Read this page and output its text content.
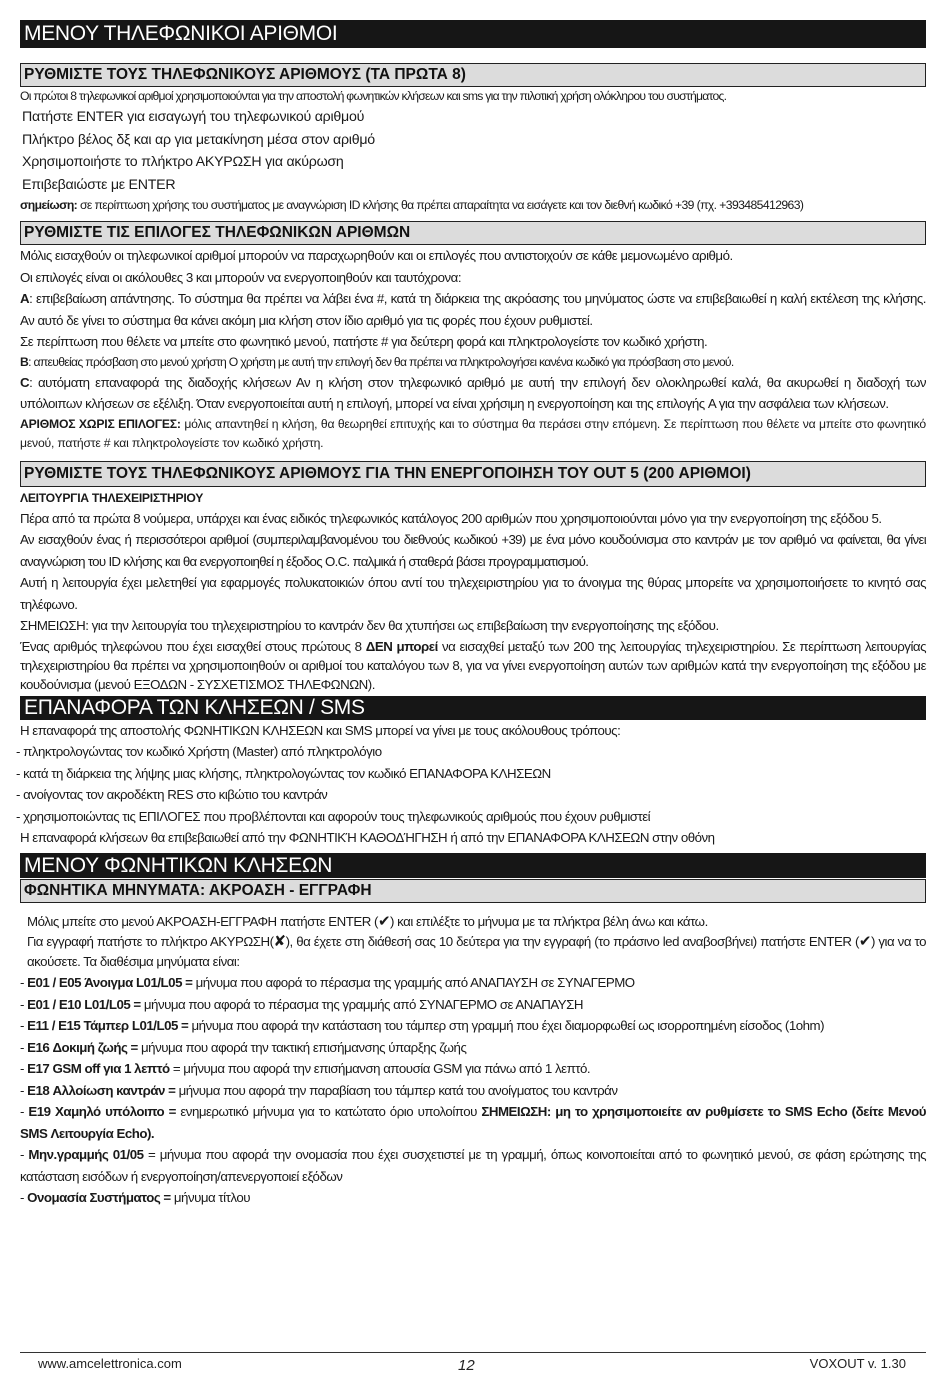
ΜΕΝΟΥ ΤΗΛΕΦΩΝΙΚΟΙ ΑΡΙΘΜΟΙ
ΡΥΘΜΙΣΤΕ ΤΟΥΣ ΤΗΛΕΦΩΝΙΚΟΥΣ ΑΡΙΘΜΟΥΣ (ΤΑ ΠΡΩΤΑ 8)

Οι πρώτοι 8 τηλεφωνικοί αριθμοί χρησιμοποιούνται για την αποστολή φωνητικών κλήσεων και sms για την πιλοτική χρήση ολόκληρου του συστήματος.

Πατήστε ENTER για εισαγωγή του τηλεφωνικού αριθμού

Πλήκτρο βέλος δξ και αρ για μετακίνηση μέσα στον αριθμό

Χρησιμοποιήστε το πλήκτρο ΑΚΥΡΩΣΗ για ακύρωση

Επιβεβαιώστε με ENTER

σημείωση: σε περίπτωση χρήσης του συστήματος με αναγνώριση ID κλήσης θα πρέπει απαραίτητα να εισάγετε και τον διεθνή κωδικό +39 (πχ. +393485412963)

ΡΥΘΜΙΣΤΕ ΤΙΣ ΕΠΙΛΟΓΕΣ ΤΗΛΕΦΩΝΙΚΩΝ ΑΡΙΘΜΩΝ

Μόλις εισαχθούν οι τηλεφωνικοί αριθμοί μπορούν να παραχωρηθούν και οι επιλογές που αντιστοιχούν σε κάθε μεμονωμένο αριθμό.

Οι επιλογές είναι οι ακόλουθες 3 και μπορούν να ενεργοποιηθούν και ταυτόχρονα:

A: επιβεβαίωση απάντησης. Το σύστημα θα πρέπει να λάβει ένα #, κατά τη διάρκεια της ακρόασης του μηνύματος ώστε να επιβεβαιωθεί η καλή εκτέλεση της κλήσης. Αν αυτό δε γίνει το σύστημα θα κάνει ακόμη μια κλήση στον ίδιο αριθμό για τις φορές που έχουν ρυθμιστεί.

Σε περίπτωση που θέλετε να μπείτε στο φωνητικό μενού, πατήστε # για δεύτερη φορά και πληκτρολογείστε τον κωδικό χρήστη.

B: απευθείας πρόσβαση στο μενού χρήστη Ο χρήστη με αυτή την επιλογή δεν θα πρέπει να πληκτρολογήσει κανένα κωδικό για πρόσβαση στο μενού.

C: αυτόματη επαναφορά της διαδοχής κλήσεων Αν η κλήση στον τηλεφωνικό αριθμό με αυτή την επιλογή δεν ολοκληρωθεί καλά, θα ακυρωθεί η διαδοχή των υπόλοιπων κλήσεων σε εξέλιξη. Όταν ενεργοποιείται αυτή η επιλογή, μπορεί να είναι χρήσιμη η ενεργοποίηση και της επιλογής A για την ασφάλεια των κλήσεων.

ΑΡΙΘΜΟΣ ΧΩΡΙΣ ΕΠΙΛΟΓΕΣ: μόλις απαντηθεί η κλήση, θα θεωρηθεί επιτυχής και το σύστημα θα περάσει στην επόμενη. Σε περίπτωση που θέλετε να μπείτε στο φωνητικό μενού, πατήστε # και πληκτρολογείστε τον κωδικό χρήστη.

ΡΥΘΜΙΣΤΕ ΤΟΥΣ ΤΗΛΕΦΩΝΙΚΟΥΣ ΑΡΙΘΜΟΥΣ ΓΙΑ ΤΗΝ ΕΝΕΡΓΟΠΟΙΗΣΗ ΤΟΥ OUT 5 (200 ΑΡΙΘΜΟΙ)

ΛΕΙΤΟΥΡΓΙΑ ΤΗΛΕΧΕΙΡΙΣΤΗΡΙΟΥ

Πέρα από τα πρώτα 8 νούμερα, υπάρχει και ένας ειδικός τηλεφωνικός κατάλογος 200 αριθμών που χρησιμοποιούνται μόνο για την ενεργοποίηση της εξόδου 5.

Αν εισαχθούν ένας ή περισσότεροι αριθμοί (συμπεριλαμβανομένου του διεθνούς κωδικού +39) με ένα μόνο κουδούνισμα στο καντράν με τον αριθμό να φαίνεται, θα γίνει αναγνώριση του ID κλήσης και θα ενεργοποιηθεί η έξοδος Ο.C. παλμικά ή σταθερά βάσει προγραμματισμού.

Αυτή η λειτουργία έχει μελετηθεί για εφαρμογές πολυκατοικιών όπου αντί του τηλεχειριστηρίου για το άνοιγμα της θύρας μπορείτε να χρησιμοποιήσετε το κινητό σας τηλέφωνο.

ΣΗΜΕΙΩΣΗ: για την λειτουργία του τηλεχειριστηρίου το καντράν δεν θα χτυπήσει ως επιβεβαίωση την ενεργοποίησης της εξόδου.

Ένας αριθμός τηλεφώνου που έχει εισαχθεί στους πρώτους 8 ΔΕΝ μπορεί να εισαχθεί μεταξύ των 200 της λειτουργίας τηλεχειριστηρίου. Σε περίπτωση λειτουργίας τηλεχειριστηρίου θα πρέπει να χρησιμοποιηθούν οι αριθμοί του καταλόγου των 8, για να γίνει ενεργοποίηση αυτών των αριθμών κατά την ενεργοποίηση της εξόδου με κουδούνισμα (μενού ΕΞΟΔΩΝ - ΣΥΣΧΕΤΙΣΜΟΣ ΤΗΛΕΦΩΝΩΝ).

ΕΠΑΝΑΦΟΡΑ ΤΩΝ ΚΛΗΣΕΩΝ / SMS

Η επαναφορά της αποστολής ΦΩΝΗΤΙΚΩΝ ΚΛΗΣΕΩΝ και SMS μπορεί να γίνει με τους ακόλουθους τρόπους:

- πληκτρολογώντας τον κωδικό Χρήστη (Master) από πληκτρολόγιο

- κατά τη διάρκεια της λήψης μιας κλήσης, πληκτρολογώντας τον κωδικό ΕΠΑΝΑΦΟΡΑ ΚΛΗΣΕΩΝ

- ανοίγοντας τον ακροδέκτη RES στο κιβώτιο του καντράν

- χρησιμοποιώντας τις ΕΠΙΛΟΓΕΣ που προβλέπονται και αφορούν τους τηλεφωνικούς αριθμούς που έχουν ρυθμιστεί

Η επαναφορά κλήσεων θα επιβεβαιωθεί από την ΦΩΝΗΤΙΚΉ ΚΑΘΟΔΉΓΗΣΗ ή από την ΕΠΑΝΑΦΟΡΑ ΚΛΗΣΕΩΝ στην οθόνη

ΜΕΝΟΥ ΦΩΝΗΤΙΚΩΝ ΚΛΗΣΕΩΝ
ΦΩΝΗΤΙΚΑ ΜΗΝΥΜΑΤΑ: ΑΚΡΟΑΣΗ - ΕΓΓΡΑΦΗ

Μόλις μπείτε στο μενού ΑΚΡΟΑΣΗ-ΕΓΓΡΑΦΗ πατήστε ENTER (✔) και επιλέξτε το μήνυμα με τα πλήκτρα βέλη άνω και κάτω.

Για εγγραφή πατήστε το πλήκτρο ΑΚΥΡΩΣΗ(✘), θα έχετε στη διάθεσή σας 10 δεύτερα για την εγγραφή (το πράσινο led αναβοσβήνει) πατήστε ENTER (✔) για να το ακούσετε. Τα διαθέσιμα μηνύματα είναι:

- E01 / E05 Άνοιγμα L01/L05 = μήνυμα που αφορά το πέρασμα της γραμμής από ΑΝΑΠΑΥΣΗ σε ΣΥΝΑΓΕΡΜΟ

- E01 / E10 L01/L05 = μήνυμα που αφορά το πέρασμα της γραμμής από ΣΥΝΑΓΕΡΜΟ σε ΑΝΑΠΑΥΣΗ

- E11 / E15 Τάμπερ L01/L05 = μήνυμα που αφορά την κατάσταση του τάμπερ στη γραμμή που έχει διαμορφωθεί ως ισορροπημένη είσοδος (1ohm)

- E16 Δοκιμή ζωής = μήνυμα που αφορά την τακτική επισήμανσης ύπαρξης ζωής

- E17 GSM off για 1 λεπτό = μήνυμα που αφορά την επισήμανση απουσία GSM για πάνω από 1 λεπτό.

- E18 Αλλοίωση καντράν = μήνυμα που αφορά την παραβίαση του τάμπερ κατά του ανοίγματος του καντράν

- E19 Χαμηλό υπόλοιπο = ενημερωτικό μήνυμα για το κατώτατο όριο υπολοίπου ΣΗΜΕΙΩΣΗ: μη το χρησιμοποιείτε αν ρυθμίσετε το SMS Echo (δείτε Μενού SMS Λειτουργία Echo).

- Μην.γραμμής 01/05 = μήνυμα που αφορά την ονομασία που έχει συσχετιστεί με τη γραμμή, όπως κοινοποιείται από το φωνητικό μενού, σε φάση ερώτησης της κατάσταση εισόδων ή ενεργοποίηση/απενεργοποιεί εξόδων

- Ονομασία Συστήματος = μήνυμα τίτλου

www.amcelettronica.com	12	VOXOUT v. 1.30
